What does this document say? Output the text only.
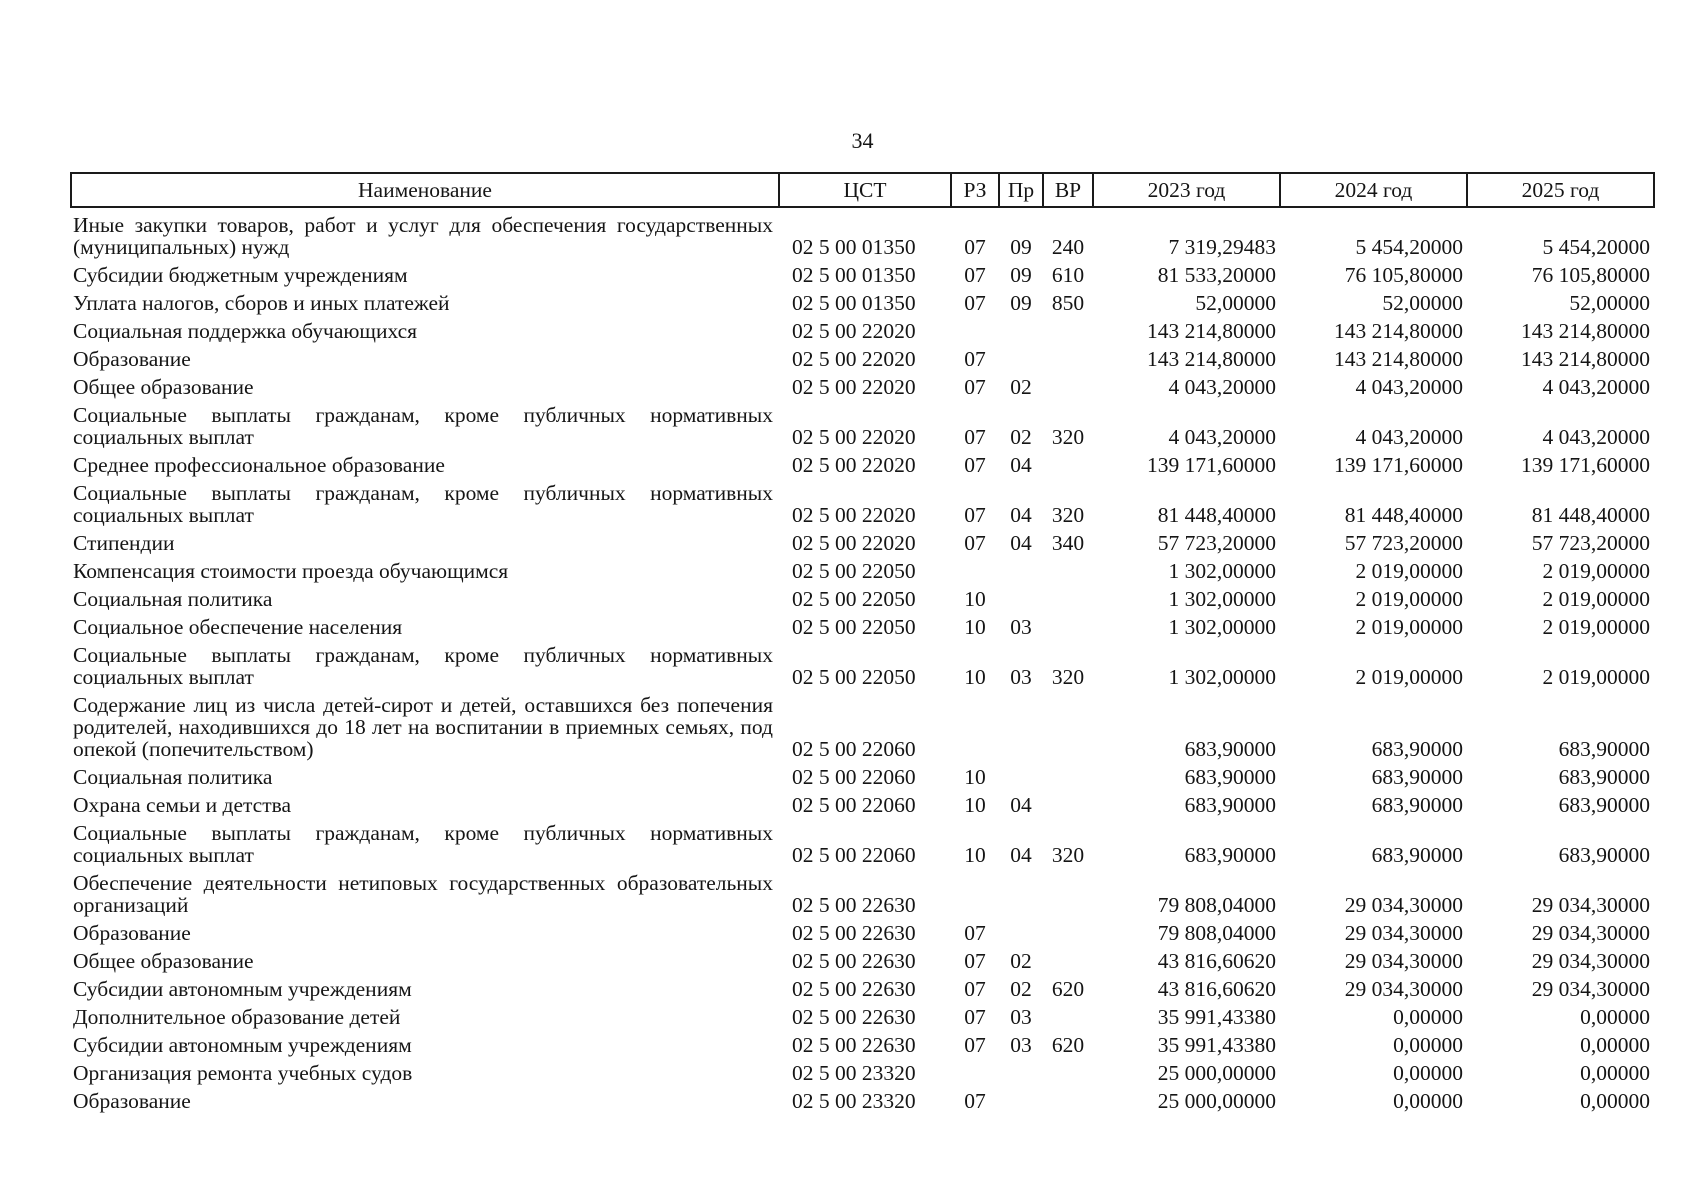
34
Наименование	ЦСТ	РЗ	Пр	ВР	2023 год	2024 год	2025 год

Иные закупки товаров, работ и услуг для обеспечения государственных (муниципальных) нужд	02 5 00 01350	07	09	240	7 319,29483	5 454,20000	5 454,20000

Субсидии бюджетным учреждениям	02 5 00 01350	07	09	610	81 533,20000	76 105,80000	76 105,80000

Уплата налогов, сборов и иных платежей	02 5 00 01350	07	09	850	52,00000	52,00000	52,00000

Социальная поддержка обучающихся	02 5 00 22020				143 214,80000	143 214,80000	143 214,80000

Образование	02 5 00 22020	07			143 214,80000	143 214,80000	143 214,80000

Общее образование	02 5 00 22020	07	02		4 043,20000	4 043,20000	4 043,20000

Социальные выплаты гражданам, кроме публичных нормативных социальных выплат	02 5 00 22020	07	02	320	4 043,20000	4 043,20000	4 043,20000

Среднее профессиональное образование	02 5 00 22020	07	04		139 171,60000	139 171,60000	139 171,60000

Социальные выплаты гражданам, кроме публичных нормативных социальных выплат	02 5 00 22020	07	04	320	81 448,40000	81 448,40000	81 448,40000

Стипендии	02 5 00 22020	07	04	340	57 723,20000	57 723,20000	57 723,20000

Компенсация стоимости проезда обучающимся	02 5 00 22050				1 302,00000	2 019,00000	2 019,00000

Социальная политика	02 5 00 22050	10			1 302,00000	2 019,00000	2 019,00000

Социальное обеспечение населения	02 5 00 22050	10	03		1 302,00000	2 019,00000	2 019,00000

Социальные выплаты гражданам, кроме публичных нормативных социальных выплат	02 5 00 22050	10	03	320	1 302,00000	2 019,00000	2 019,00000

Содержание лиц из числа детей-сирот и детей, оставшихся без попечения родителей, находившихся до 18 лет на воспитании в приемных семьях, под опекой (попечительством)	02 5 00 22060				683,90000	683,90000	683,90000

Социальная политика	02 5 00 22060	10			683,90000	683,90000	683,90000

Охрана семьи и детства	02 5 00 22060	10	04		683,90000	683,90000	683,90000

Социальные выплаты гражданам, кроме публичных нормативных социальных выплат	02 5 00 22060	10	04	320	683,90000	683,90000	683,90000

Обеспечение деятельности нетиповых государственных образовательных организаций	02 5 00 22630				79 808,04000	29 034,30000	29 034,30000

Образование	02 5 00 22630	07			79 808,04000	29 034,30000	29 034,30000

Общее образование	02 5 00 22630	07	02		43 816,60620	29 034,30000	29 034,30000

Субсидии автономным учреждениям	02 5 00 22630	07	02	620	43 816,60620	29 034,30000	29 034,30000

Дополнительное образование детей	02 5 00 22630	07	03		35 991,43380	0,00000	0,00000

Субсидии автономным учреждениям	02 5 00 22630	07	03	620	35 991,43380	0,00000	0,00000

Организация ремонта учебных судов	02 5 00 23320				25 000,00000	0,00000	0,00000

Образование	02 5 00 23320	07			25 000,00000	0,00000	0,00000
